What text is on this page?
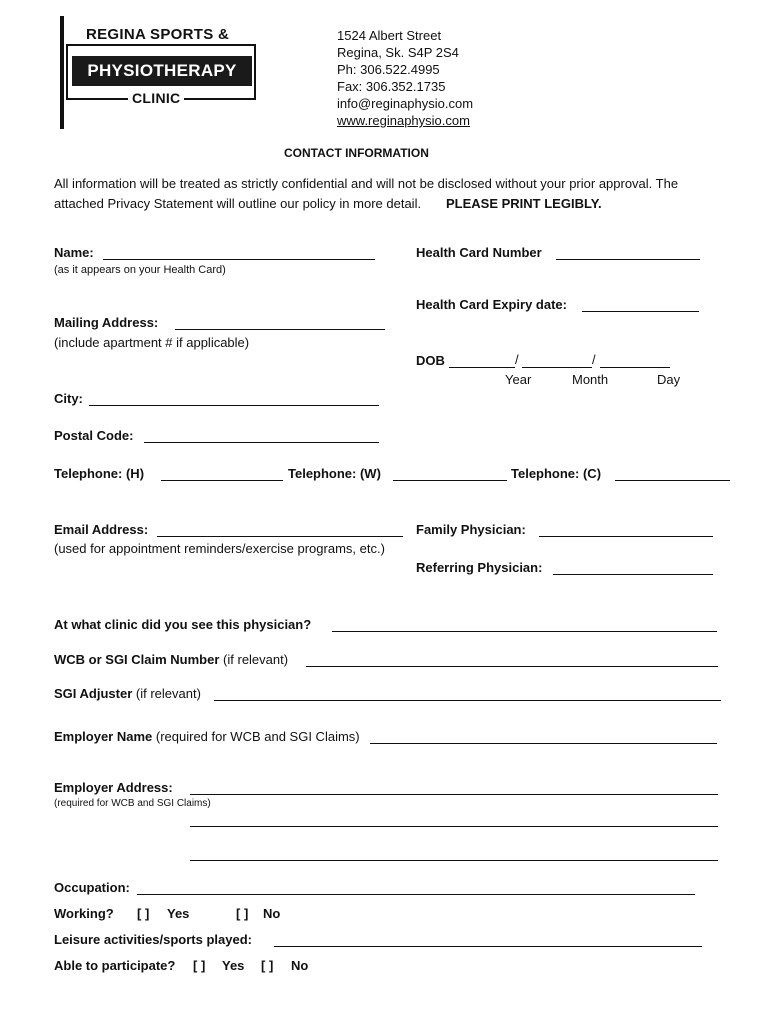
REGINA SPORTS &
PHYSIOTHERAPY
CLINIC
1524 Albert Street
Regina, Sk. S4P 2S4
Ph: 306.522.4995
Fax: 306.352.1735
info@reginaphysio.com
www.reginaphysio.com
CONTACT INFORMATION
All information will be treated as strictly confidential and will not be disclosed without your prior approval. The
attached Privacy Statement will outline our policy in more detail. PLEASE PRINT LEGIBLY.
Name:
(as it appears on your Health Card)
Health Card Number
Health Card Expiry date:
Mailing Address:
(include apartment # if applicable)
DOB	/	/
Year	Month	Day
City:
Postal Code:
Telephone: (H)	Telephone: (W)	Telephone: (C)
Email Address:
(used for appointment reminders/exercise programs, etc.)
Family Physician:
Referring Physician:
At what clinic did you see this physician?
WCB or SGI Claim Number (if relevant)
SGI Adjuster (if relevant)
Employer Name (required for WCB and SGI Claims)
Employer Address:
(required for WCB and SGI Claims)
Occupation:
Working? [ ] Yes	[ ] No
Leisure activities/sports played:
Able to participate? [ ] Yes [ ] No
